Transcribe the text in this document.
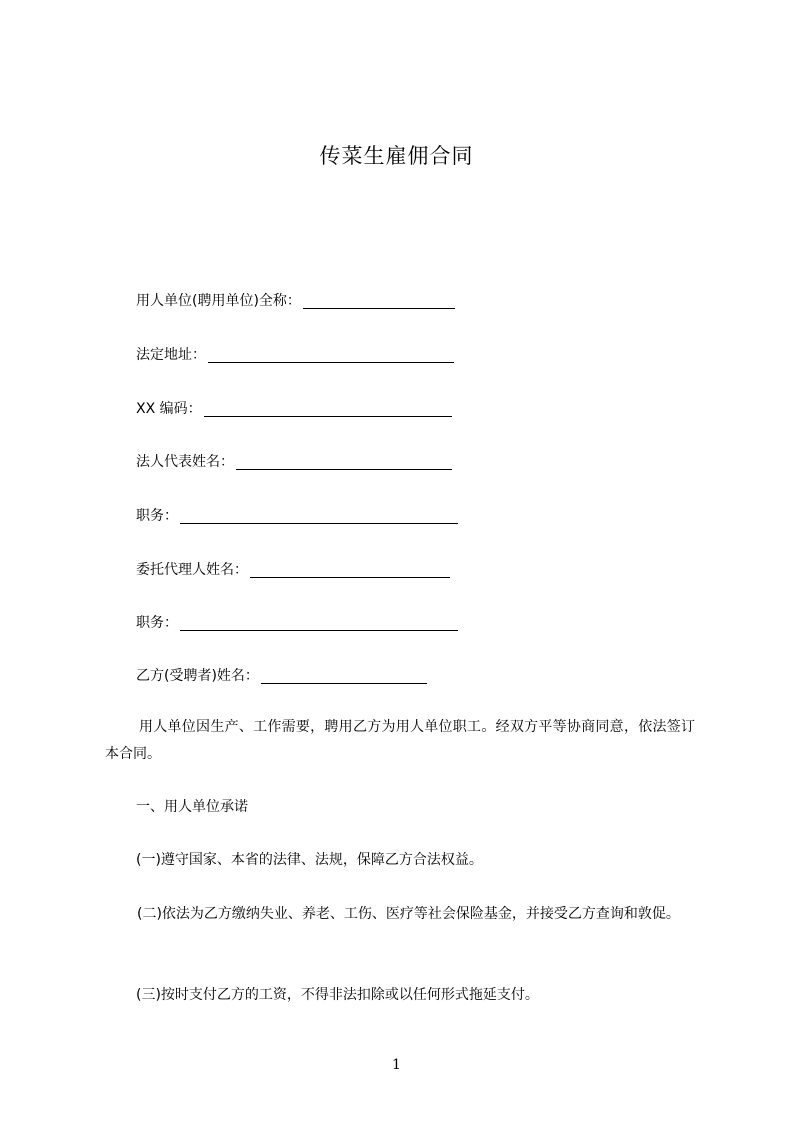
传菜生雇佣合同
用人单位(聘用单位)全称：
法定地址：
XX 编码：
法人代表姓名：
职务：
委托代理人姓名：
职务：
乙方(受聘者)姓名：
用人单位因生产、工作需要，聘用乙方为用人单位职工。经双方平等协商同意，依法签订本合同。
一、用人单位承诺
(一)遵守国家、本省的法律、法规，保障乙方合法权益。
(二)依法为乙方缴纳失业、养老、工伤、医疗等社会保险基金，并接受乙方查询和敦促。
(三)按时支付乙方的工资，不得非法扣除或以任何形式拖延支付。
1
